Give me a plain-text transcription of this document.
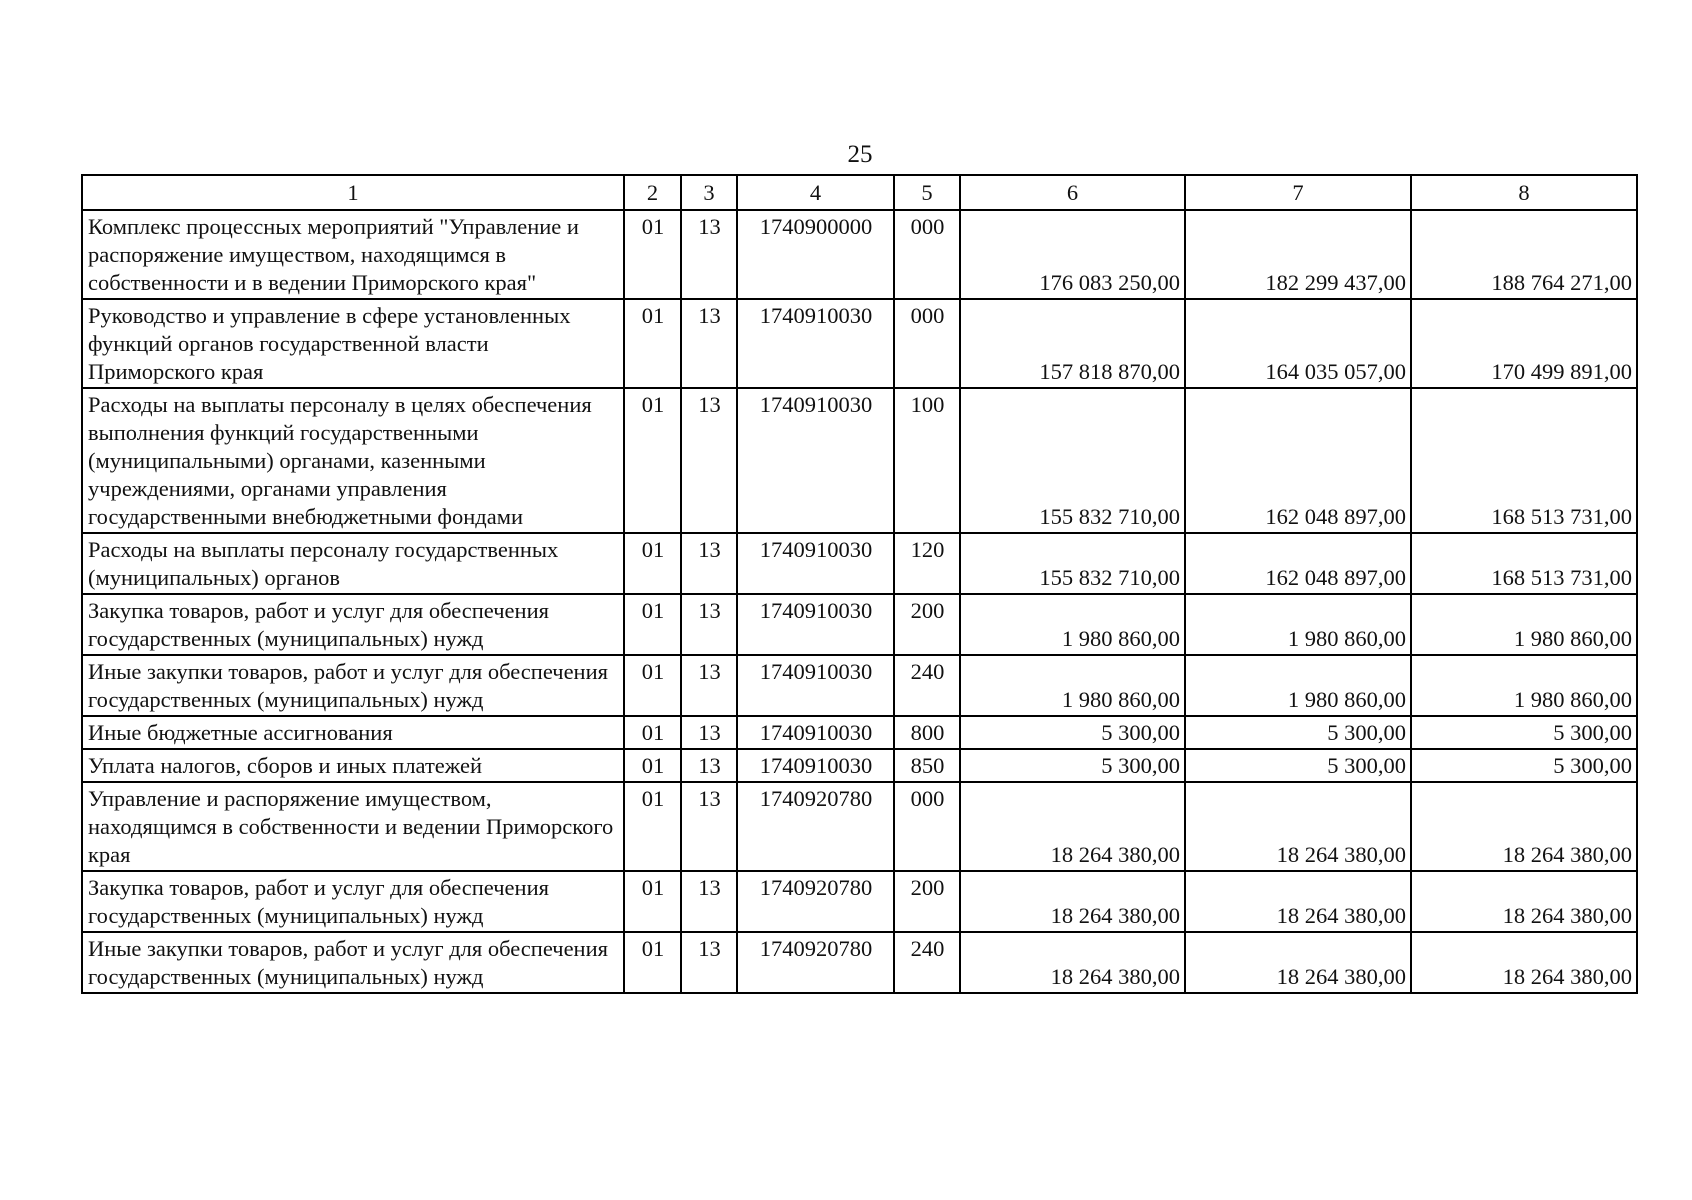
25
1	2	3	4	5	6	7	8
Комплекс процессных мероприятий "Управление и распоряжение имуществом, находящимся в собственности и в ведении Приморского края"	01	13	1740900000	000	176 083 250,00	182 299 437,00	188 764 271,00
Руководство и управление в сфере установленных функций органов государственной власти Приморского края	01	13	1740910030	000	157 818 870,00	164 035 057,00	170 499 891,00
Расходы на выплаты персоналу в целях обеспечения выполнения функций государственными (муниципальными) органами, казенными учреждениями, органами управления государственными внебюджетными фондами	01	13	1740910030	100	155 832 710,00	162 048 897,00	168 513 731,00
Расходы на выплаты персоналу государственных (муниципальных) органов	01	13	1740910030	120	155 832 710,00	162 048 897,00	168 513 731,00
Закупка товаров, работ и услуг для обеспечения государственных (муниципальных) нужд	01	13	1740910030	200	1 980 860,00	1 980 860,00	1 980 860,00
Иные закупки товаров, работ и услуг для обеспечения государственных (муниципальных) нужд	01	13	1740910030	240	1 980 860,00	1 980 860,00	1 980 860,00
Иные бюджетные ассигнования	01	13	1740910030	800	5 300,00	5 300,00	5 300,00
Уплата налогов, сборов и иных платежей	01	13	1740910030	850	5 300,00	5 300,00	5 300,00
Управление и распоряжение имуществом, находящимся в собственности и ведении Приморского края	01	13	1740920780	000	18 264 380,00	18 264 380,00	18 264 380,00
Закупка товаров, работ и услуг для обеспечения государственных (муниципальных) нужд	01	13	1740920780	200	18 264 380,00	18 264 380,00	18 264 380,00
Иные закупки товаров, работ и услуг для обеспечения государственных (муниципальных) нужд	01	13	1740920780	240	18 264 380,00	18 264 380,00	18 264 380,00
